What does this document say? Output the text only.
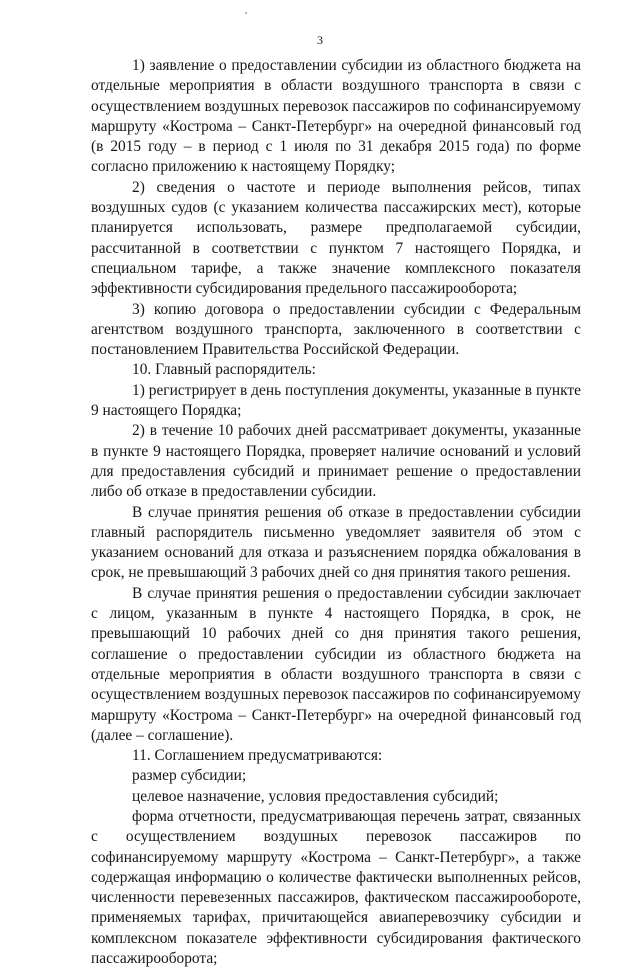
3

1) заявление о предоставлении субсидии из областного бюджета на отдельные мероприятия в области воздушного транспорта в связи с осуществлением воздушных перевозок пассажиров по софинансируемому маршруту «Кострома – Санкт-Петербург» на очередной финансовый год (в 2015 году – в период с 1 июля по 31 декабря 2015 года) по форме согласно приложению к настоящему Порядку;

2) сведения о частоте и периоде выполнения рейсов, типах воздушных судов (с указанием количества пассажирских мест), которые планируется использовать, размере предполагаемой субсидии, рассчитанной в соответствии с пунктом 7 настоящего Порядка, и специальном тарифе, а также значение комплексного показателя эффективности субсидирования предельного пассажирооборота;

3) копию договора о предоставлении субсидии с Федеральным агентством воздушного транспорта, заключенного в соответствии с постановлением Правительства Российской Федерации.

10. Главный распорядитель:

1) регистрирует в день поступления документы, указанные в пункте 9 настоящего Порядка;

2) в течение 10 рабочих дней рассматривает документы, указанные в пункте 9 настоящего Порядка, проверяет наличие оснований и условий для предоставления субсидий и принимает решение о предоставлении либо об отказе в предоставлении субсидии.

В случае принятия решения об отказе в предоставлении субсидии главный распорядитель письменно уведомляет заявителя об этом с указанием оснований для отказа и разъяснением порядка обжалования в срок, не превышающий 3 рабочих дней со дня принятия такого решения.

В случае принятия решения о предоставлении субсидии заключает с лицом, указанным в пункте 4 настоящего Порядка, в срок, не превышающий 10 рабочих дней со дня принятия такого решения, соглашение о предоставлении субсидии из областного бюджета на отдельные мероприятия в области воздушного транспорта в связи с осуществлением воздушных перевозок пассажиров по софинансируемому маршруту «Кострома – Санкт-Петербург» на очередной финансовый год (далее – соглашение).

11. Соглашением предусматриваются:

размер субсидии;

целевое назначение, условия предоставления субсидий;

форма отчетности, предусматривающая перечень затрат, связанных с осуществлением воздушных перевозок пассажиров по софинансируемому маршруту «Кострома – Санкт-Петербург», а также содержащая информацию о количестве фактически выполненных рейсов, численности перевезенных пассажиров, фактическом пассажирообороте, применяемых тарифах, причитающейся авиаперевозчику субсидии и комплексном показателе эффективности субсидирования фактического пассажирооборота;
